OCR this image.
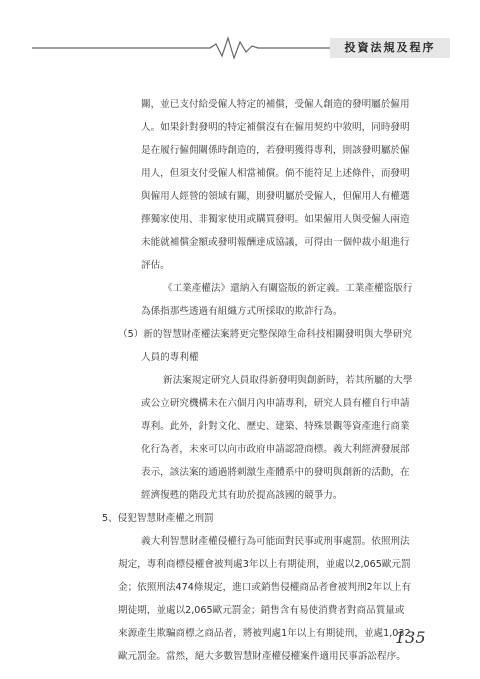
投資法規及程序
關，並已支付給受僱人特定的補償，受僱人創造的發明屬於僱用
人。如果針對發明的特定補償沒有在僱用契約中敘明，同時發明
是在履行僱佣關係時創造的，若發明獲得專利，則該發明屬於僱
用人，但須支付受僱人相當補償。倘不能符足上述條件，而發明
與僱用人經營的領域有關，則發明屬於受僱人，但僱用人有權選
擇獨家使用、非獨家使用或購買發明。如果僱用人與受僱人兩造
未能就補償金額或發明報酬達成協議，可得由一個仲裁小組進行
評估。
《工業產權法》還納入有關盜版的新定義。工業產權盜版行
為係指那些透過有組織方式所採取的欺詐行為。
（5）新的智慧財產權法案將更完整保障生命科技相關發明與大學研究
人員的專利權
新法案規定研究人員取得新發明與創新時，若其所屬的大學
或公立研究機構未在六個月內申請專利，研究人員有權自行申請
專利。此外，針對文化、歷史、建築、特殊景觀等資產進行商業
化行為者，未來可以向市政府申請認證商標。義大利經濟發展部
表示，該法案的通過將刺激生產體系中的發明與創新的活動，在
經濟復甦的階段尤其有助於提高該國的競爭力。
5、侵犯智慧財產權之刑罰
義大利智慧財產權侵權行為可能面對民事或刑事處罰。依照刑法
規定，專利商標侵權會被判處3年以上有期徒刑，並處以2,065歐元罰
金；依照刑法474條規定，進口或銷售侵權商品者會被判刑2年以上有
期徒期，並處以2,065歐元罰金；銷售含有易使消費者對商品質量或
來源產生欺騙商標之商品者，將被判處1年以上有期徒刑，並處1,032
歐元罰金。當然，絕大多數智慧財產權侵權案件適用民事訴訟程序。
135
